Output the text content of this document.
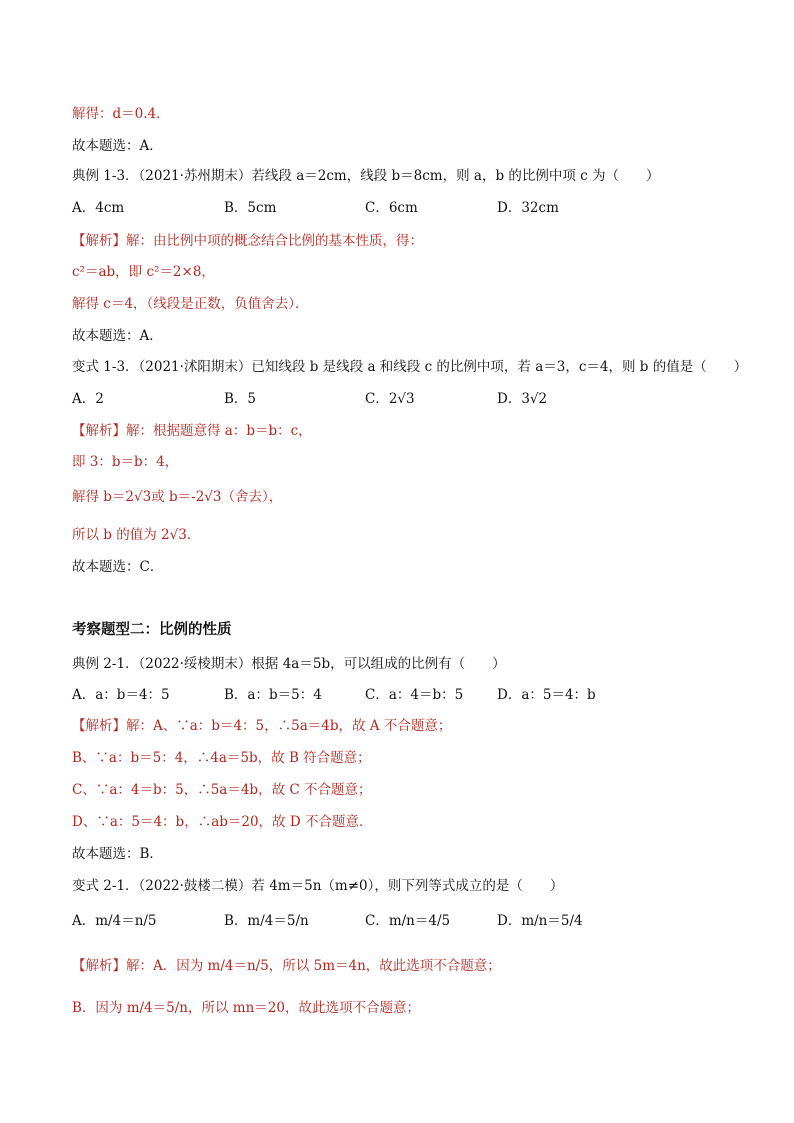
解得：d＝0.4．
故本题选：A．
典例 1-3．（2021·苏州期末）若线段 a＝2cm，线段 b＝8cm，则 a，b 的比例中项 c 为（　　）
A．4cm	B．5cm	C．6cm	D．32cm
【解析】解：由比例中项的概念结合比例的基本性质，得：
c²＝ab，即 c²＝2×8，
解得 c＝4，（线段是正数，负值舍去）．
故本题选：A．
变式 1-3．（2021·沭阳期末）已知线段 b 是线段 a 和线段 c 的比例中项，若 a＝3，c＝4，则 b 的值是（　　）
A．2	B．5	C．2√3	D．3√2
【解析】解：根据题意得 a：b＝b：c，
即 3：b＝b：4，
解得 b＝2√3或 b＝-2√3（舍去），
所以 b 的值为 2√3．
故本题选：C．
考察题型二：比例的性质
典例 2-1．（2022·绥棱期末）根据 4a＝5b，可以组成的比例有（　　）
A．a：b＝4：5	B．a：b＝5：4	C．a：4＝b：5	D．a：5＝4：b
【解析】解：A、∵a：b＝4：5，∴5a＝4b，故 A 不合题意；
B、∵a：b＝5：4，∴4a＝5b，故 B 符合题意；
C、∵a：4＝b：5，∴5a＝4b，故 C 不合题意；
D、∵a：5＝4：b，∴ab＝20，故 D 不合题意．
故本题选：B．
变式 2-1．（2022·鼓楼二模）若 4m＝5n（m≠0），则下列等式成立的是（　　）
A．m/4＝n/5	B．m/4＝5/n	C．m/n＝4/5	D．m/n＝5/4
【解析】解：A．因为 m/4＝n/5，所以 5m＝4n，故此选项不合题意；
B．因为 m/4＝5/n，所以 mn＝20，故此选项不合题意；
